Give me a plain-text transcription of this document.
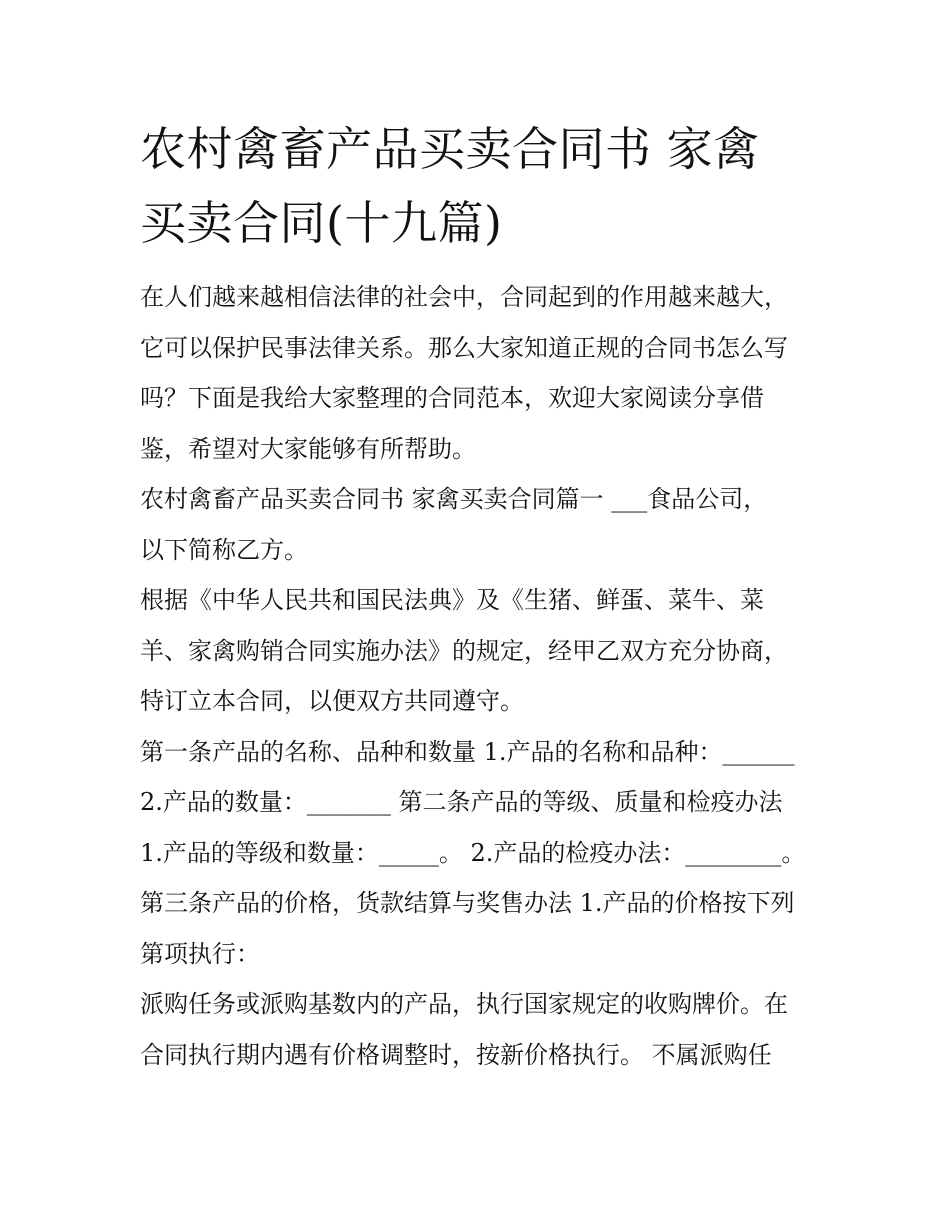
农村禽畜产品买卖合同书 家禽
买卖合同(十九篇)

在人们越来越相信法律的社会中，合同起到的作用越来越大，
它可以保护民事法律关系。那么大家知道正规的合同书怎么写
吗？下面是我给大家整理的合同范本，欢迎大家阅读分享借
鉴，希望对大家能够有所帮助。

农村禽畜产品买卖合同书 家禽买卖合同篇一 ___食品公司，
以下简称乙方。

根据《中华人民共和国民法典》及《生猪、鲜蛋、菜牛、菜
羊、家禽购销合同实施办法》的规定，经甲乙双方充分协商，
特订立本合同，以便双方共同遵守。

第一条产品的名称、品种和数量 1.产品的名称和品种：______
2.产品的数量：_______ 第二条产品的等级、质量和检疫办法
1.产品的等级和数量：_____。 2.产品的检疫办法：________。
第三条产品的价格，货款结算与奖售办法 1.产品的价格按下列
第项执行：

派购任务或派购基数内的产品，执行国家规定的收购牌价。在
合同执行期内遇有价格调整时，按新价格执行。 不属派购任
